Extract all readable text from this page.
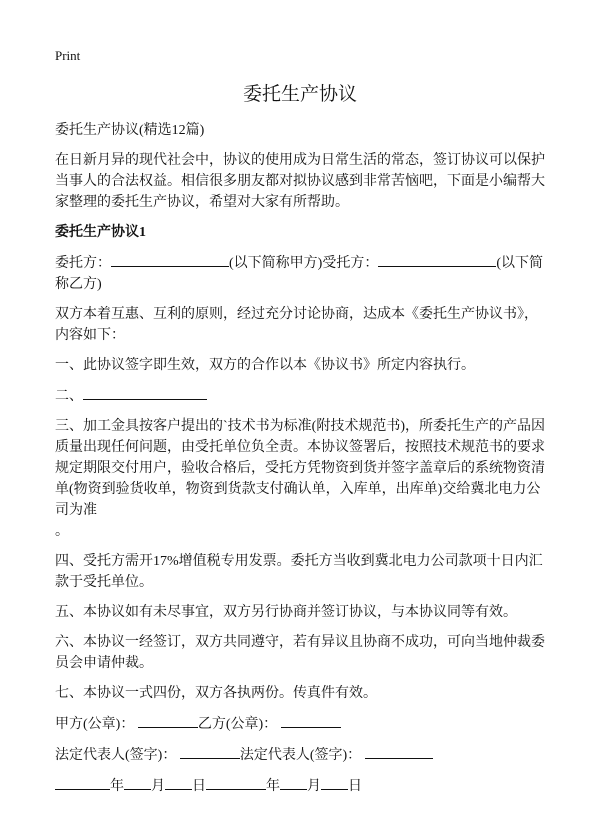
Print
委托生产协议

委托生产协议(精选12篇)

在日新月异的现代社会中，协议的使用成为日常生活的常态，签订协议可以保护当事人的合法权益。相信很多朋友都对拟协议感到非常苦恼吧，下面是小编帮大家整理的委托生产协议，希望对大家有所帮助。

委托生产协议1

委托方：	(以下简称甲方)受托方：	(以下简称乙方)

双方本着互惠、互利的原则，经过充分讨论协商，达成本《委托生产协议书》，内容如下：

一、此协议签字即生效，双方的合作以本《协议书》所定内容执行。

二、

三、加工金具按客户提出的`技术书为标准(附技术规范书)，所委托生产的产品因质量出现任何问题，由受托单位负全责。本协议签署后，按照技术规范书的要求规定期限交付用户，验收合格后，受托方凭物资到货并签字盖章后的系统物资清单(物资到验货收单，物资到货款支付确认单，入库单，出库单)交给冀北电力公司为准

。

四、受托方需开17%增值税专用发票。委托方当收到冀北电力公司款项十日内汇款于受托单位。

五、本协议如有未尽事宜，双方另行协商并签订协议，与本协议同等有效。

六、本协议一经签订，双方共同遵守，若有异议且协商不成功，可向当地仲裁委员会申请仲裁。

七、本协议一式四份，双方各执两份。传真件有效。

甲方(公章)：	乙方(公章)：

法定代表人(签字)：	法定代表人(签字)：

年 月 日	年 月 日
